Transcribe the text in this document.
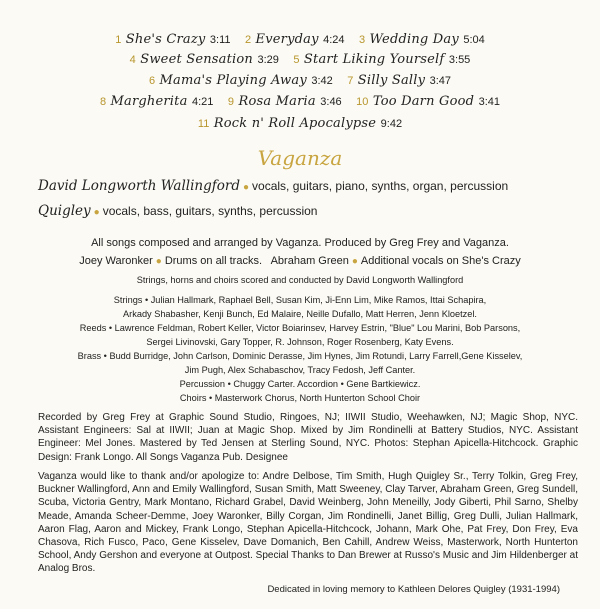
1 She's Crazy 3:11 2 Everyday 4:24 3 Wedding Day 5:04
4 Sweet Sensation 3:29 5 Start Liking Yourself 3:55
6 Mama's Playing Away 3:42 7 Silly Sally 3:47
8 Margherita 4:21 9 Rosa Maria 3:46 10 Too Darn Good 3:41
11 Rock n' Roll Apocalypse 9:42
Vaganza
David Longworth Wallingford ● vocals, guitars, piano, synths, organ, percussion
Quigley ● vocals, bass, guitars, synths, percussion
All songs composed and arranged by Vaganza. Produced by Greg Frey and Vaganza.
Joey Waronker ● Drums on all tracks. Abraham Green ● Additional vocals on She's Crazy
Strings, horns and choirs scored and conducted by David Longworth Wallingford
Strings • Julian Hallmark, Raphael Bell, Susan Kim, Ji-Enn Lim, Mike Ramos, Ittai Schapira,
Arkady Shabasher, Kenji Bunch, Ed Malaire, Neille Dufallo, Matt Herren, Jenn Kloetzel.
Reeds • Lawrence Feldman, Robert Keller, Victor Boiarinsev, Harvey Estrin, "Blue" Lou Marini, Bob Parsons,
Sergei Livinovski, Gary Topper, R. Johnson, Roger Rosenberg, Katy Evens.
Brass • Budd Burridge, John Carlson, Dominic Derasse, Jim Hynes, Jim Rotundi, Larry Farrell,Gene Kisselev,
Jim Pugh, Alex Schabaschov, Tracy Fedosh, Jeff Canter.
Percussion • Chuggy Carter. Accordion • Gene Bartkiewicz.
Choirs • Masterwork Chorus, North Hunterton School Choir
Recorded by Greg Frey at Graphic Sound Studio, Ringoes, NJ; IIWII Studio, Weehawken, NJ; Magic Shop, NYC. Assistant Engineers: Sal at IIWII; Juan at Magic Shop. Mixed by Jim Rondinelli at Battery Studios, NYC. Assistant Engineer: Mel Jones. Mastered by Ted Jensen at Sterling Sound, NYC. Photos: Stephan Apicella-Hitchcock. Graphic Design: Frank Longo. All Songs Vaganza Pub. Designee
Vaganza would like to thank and/or apologize to: Andre Delbose, Tim Smith, Hugh Quigley Sr., Terry Tolkin, Greg Frey, Buckner Wallingford, Ann and Emily Wallingford, Susan Smith, Matt Sweeney, Clay Tarver, Abraham Green, Greg Sundell, Scuba, Victoria Gentry, Mark Montano, Richard Grabel, David Weinberg, John Meneilly, Jody Giberti, Phil Sarno, Shelby Meade, Amanda Scheer-Demme, Joey Waronker, Billy Corgan, Jim Rondinelli, Janet Billig, Greg Dulli, Julian Hallmark, Aaron Flag, Aaron and Mickey, Frank Longo, Stephan Apicella-Hitchcock, Johann, Mark Ohe, Pat Frey, Don Frey, Eva Chasova, Rich Fusco, Paco, Gene Kisselev, Dave Domanich, Ben Cahill, Andrew Weiss, Masterwork, North Hunterton School, Andy Gershon and everyone at Outpost. Special Thanks to Dan Brewer at Russo's Music and Jim Hildenberger at Analog Bros.
Dedicated in loving memory to Kathleen Delores Quigley (1931-1994)
